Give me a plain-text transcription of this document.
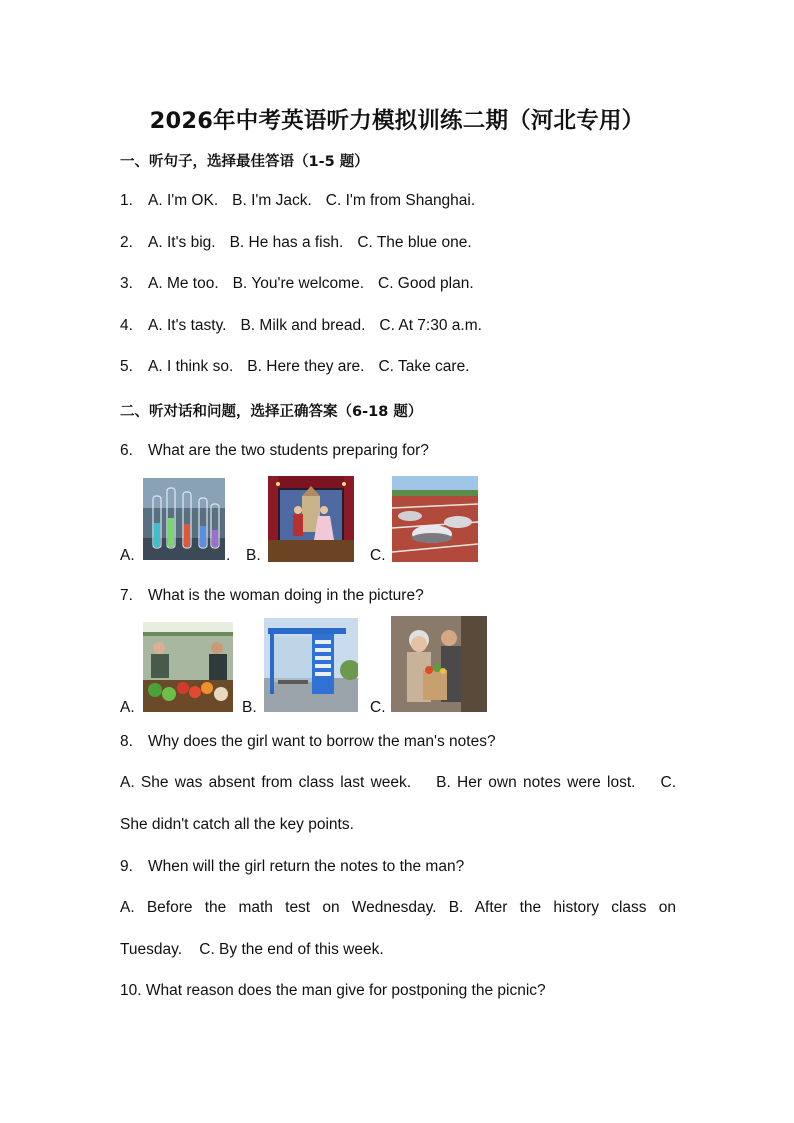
2026年中考英语听力模拟训练二期（河北专用）
一、听句子，选择最佳答语（1-5 题）
1. A. I'm OK. B. I'm Jack. C. I'm from Shanghai.
2. A. It's big. B. He has a fish. C. The blue one.
3. A. Me too. B. You're welcome. C. Good plan.
4. A. It's tasty. B. Milk and bread. C. At 7:30 a.m.
5. A. I think so. B. Here they are. C. Take care.
二、听对话和问题，选择正确答案（6-18 题）
6. What are the two students preparing for?
A.	. B.	C.
7. What is the woman doing in the picture?
A.	B.	C.
8. Why does the girl want to borrow the man's notes?
A. She was absent from class last week.    B. Her own notes were lost.    C.
She didn't catch all the key points.
9. When will the girl return the notes to the man?
A. Before the math test on Wednesday. B. After the history class on
Tuesday.    C. By the end of this week.
10. What reason does the man give for postponing the picnic?
